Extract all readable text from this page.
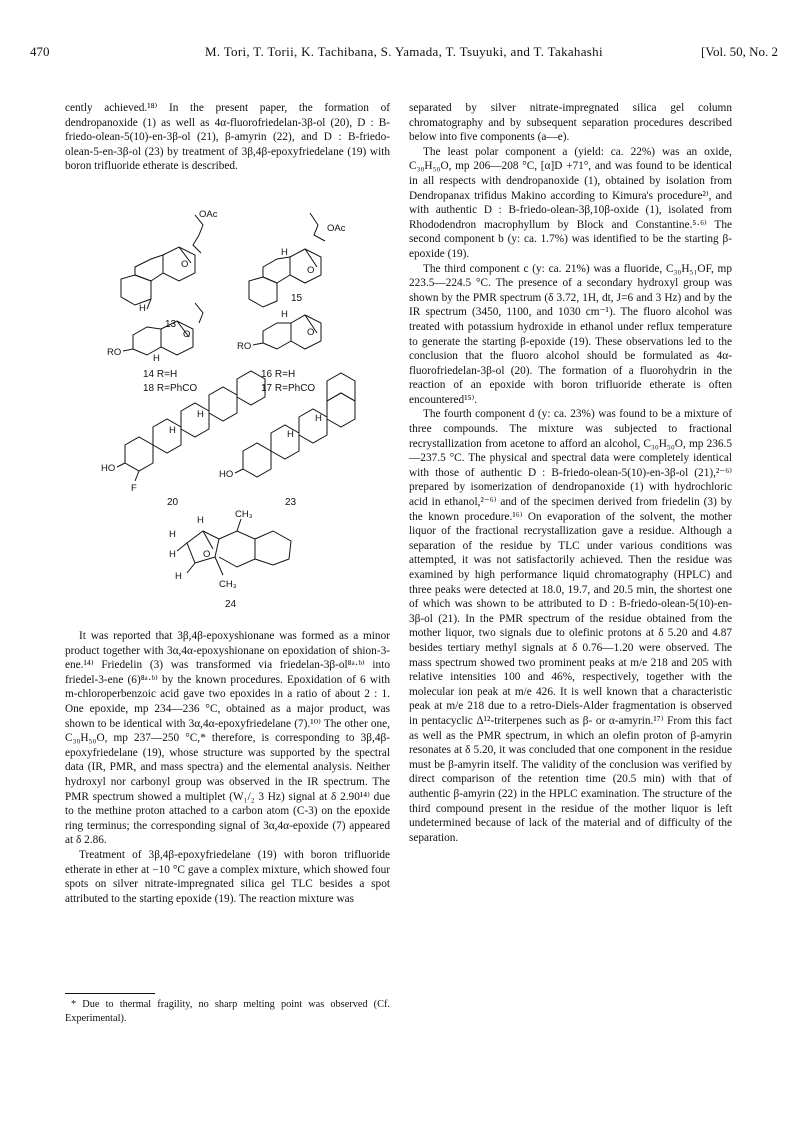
470	M. Tori, T. Torii, K. Tachibana, S. Yamada, T. Tsuyuki, and T. Takahashi	[Vol. 50, No. 2

cently achieved.¹⁸⁾ In the present paper, the formation of dendropanoxide (1) as well as 4α-fluorofriedelan-3β-ol (20), D : B-friedo-olean-5(10)-en-3β-ol (21), β-amyrin (22), and D : B-friedo-olean-5-en-3β-ol (23) by treatment of 3β,4β-epoxyfriedelane (19) with boron trifluoride etherate is described.

OAc
O
H
13
OAc
O
H
15
O
RO
H
14 R=H
18 R=PhCO
O
RO
H
16 R=H
17 R=PhCO
HO
F
H
H
20
HO
H
H
23
H
H
H
H
O
CH₃
CH₃
24

It was reported that 3β,4β-epoxyshionane was formed as a minor product together with 3α,4α-epoxyshionane on epoxidation of shion-3-ene.¹⁴⁾ Friedelin (3) was transformed via friedelan-3β-ol⁸ᵃ·ᵇ⁾ into friedel-3-ene (6)⁸ᵃ·ᵇ⁾ by the known procedures. Epoxidation of 6 with m-chloroperbenzoic acid gave two epoxides in a ratio of about 2 : 1. One epoxide, mp 234—236 °C, obtained as a major product, was shown to be identical with 3α,4α-epoxyfriedelane (7).¹⁰⁾ The other one, C₃₀H₅₀O, mp 237—250 °C,* therefore, is corresponding to 3β,4β-epoxyfriedelane (19), whose structure was supported by the spectral data (IR, PMR, and mass spectra) and the elemental analysis. Neither hydroxyl nor carbonyl group was observed in the IR spectrum. The PMR spectrum showed a multiplet (W₁/₂ 3 Hz) signal at δ 2.90¹⁴⁾ due to the methine proton attached to a carbon atom (C-3) on the epoxide ring terminus; the corresponding signal of 3α,4α-epoxide (7) appeared at δ 2.86.

Treatment of 3β,4β-epoxyfriedelane (19) with boron trifluoride etherate in ether at −10 °C gave a complex mixture, which showed four spots on silver nitrate-impregnated silica gel TLC besides a spot attributed to the starting epoxide (19). The reaction mixture was

* Due to thermal fragility, no sharp melting point was observed (Cf. Experimental).

separated by silver nitrate-impregnated silica gel column chromatography and by subsequent separation procedures described below into five components (a—e).

The least polar component a (yield: ca. 22%) was an oxide, C₃₀H₅₀O, mp 206—208 °C, [α]D +71°, and was found to be identical in all respects with dendropanoxide (1), obtained by isolation from Dendropanax trifidus Makino according to Kimura's procedure²⁾, and with authentic D : B-friedo-olean-3β,10β-oxide (1), isolated from Rhododendron macrophyllum by Block and Constantine.⁵·⁶⁾ The second component b (y: ca. 1.7%) was identified to be the starting β-epoxide (19).

The third component c (y: ca. 21%) was a fluoride, C₃₀H₅₁OF, mp 223.5—224.5 °C. The presence of a secondary hydroxyl group was shown by the PMR spectrum (δ 3.72, 1H, dt, J=6 and 3 Hz) and by the IR spectrum (3450, 1100, and 1030 cm⁻¹). The fluoro alcohol was treated with potassium hydroxide in ethanol under reflux temperature to generate the starting β-epoxide (19). These observations led to the conclusion that the fluoro alcohol should be formulated as 4α-fluorofriedelan-3β-ol (20). The formation of a fluorohydrin in the reaction of an epoxide with boron trifluoride etherate is often encountered¹⁵⁾.

The fourth component d (y: ca. 23%) was found to be a mixture of three compounds. The mixture was subjected to fractional recrystallization from acetone to afford an alcohol, C₃₀H₅₀O, mp 236.5—237.5 °C. The physical and spectral data were completely identical with those of authentic D : B-friedo-olean-5(10)-en-3β-ol (21),²⁻⁶⁾ prepared by isomerization of dendropanoxide (1) with hydrochloric acid in ethanol,²⁻⁶⁾ and of the specimen derived from friedelin (3) by the known procedure.¹⁶⁾ On evaporation of the solvent, the mother liquor of the fractional recrystallization gave a residue. Although a separation of the residue by TLC under various conditions was attempted, it was not satisfactorily achieved. Then the residue was examined by high performance liquid chromatography (HPLC) and three peaks were detected at 18.0, 19.7, and 20.5 min, the shortest one of which was shown to be attributed to D : B-friedo-olean-5(10)-en-3β-ol (21). In the PMR spectrum of the residue obtained from the mother liquor, two signals due to olefinic protons at δ 5.20 and 4.87 besides tertiary methyl signals at δ 0.76—1.20 were observed. The mass spectrum showed two prominent peaks at m/e 218 and 205 with relative intensities 100 and 46%, respectively, together with the molecular ion peak at m/e 426. It is well known that a characteristic peak at m/e 218 due to a retro-Diels-Alder fragmentation is observed in pentacyclic Δ¹²-triterpenes such as β- or α-amyrin.¹⁷⁾ From this fact as well as the PMR spectrum, in which an olefin proton of β-amyrin resonates at δ 5.20, it was concluded that one component in the residue must be β-amyrin itself. The validity of the conclusion was verified by direct comparison of the retention time (20.5 min) with that of authentic β-amyrin (22) in the HPLC examination. The structure of the third compound present in the residue of the mother liquor is left undetermined because of lack of the material and of difficulty of the separation.
